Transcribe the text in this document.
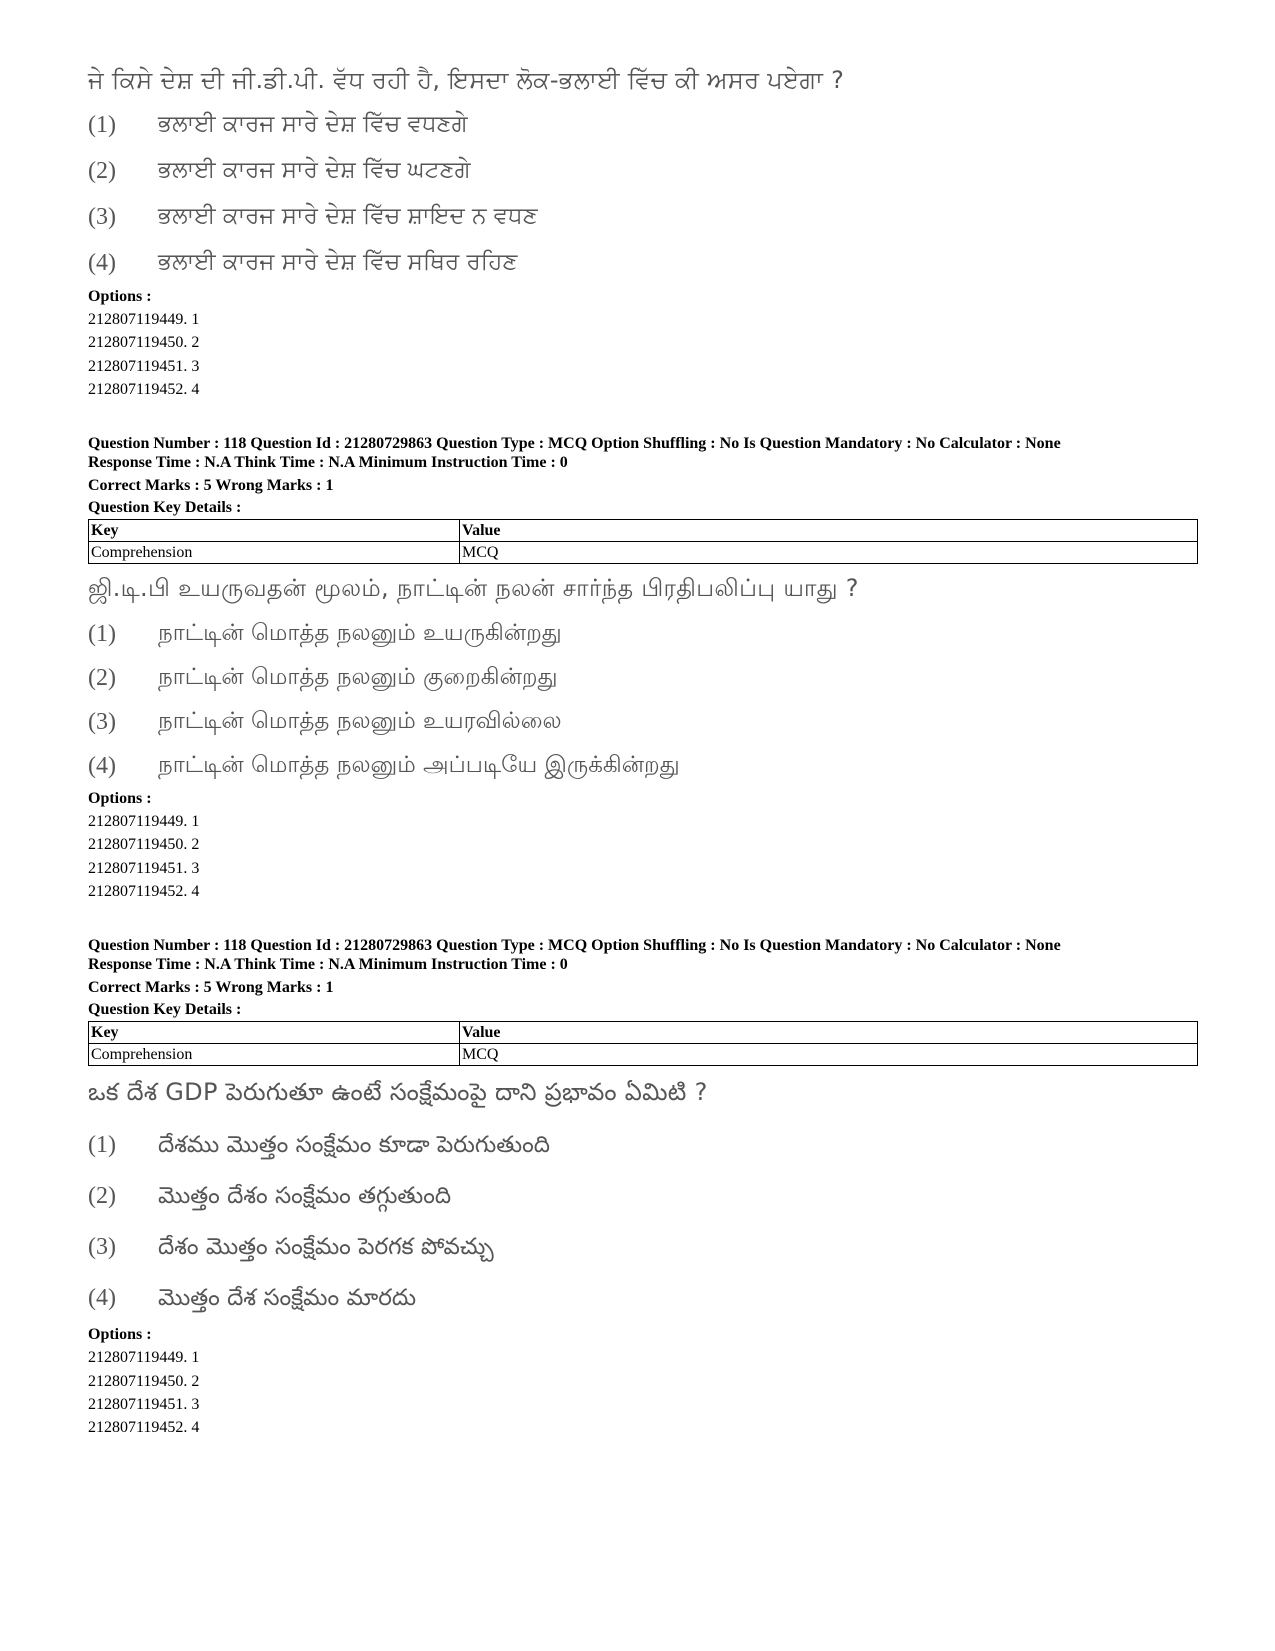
ਜੇ ਕਿਸੇ ਦੇਸ਼ ਦੀ ਜੀ.ਡੀ.ਪੀ. ਵੱਧ ਰਹੀ ਹੈ, ਇਸਦਾ ਲੋਕ-ਭਲਾਈ ਵਿੱਚ ਕੀ ਅਸਰ ਪਏਗਾ ?
(1)	ਭਲਾਈ ਕਾਰਜ ਸਾਰੇ ਦੇਸ਼ ਵਿੱਚ ਵਧਣਗੇ
(2)	ਭਲਾਈ ਕਾਰਜ ਸਾਰੇ ਦੇਸ਼ ਵਿੱਚ ਘਟਣਗੇ
(3)	ਭਲਾਈ ਕਾਰਜ ਸਾਰੇ ਦੇਸ਼ ਵਿੱਚ ਸ਼ਾਇਦ ਨ ਵਧਣ
(4)	ਭਲਾਈ ਕਾਰਜ ਸਾਰੇ ਦੇਸ਼ ਵਿੱਚ ਸਥਿਰ ਰਹਿਣ
Options :
212807119449. 1
212807119450. 2
212807119451. 3
212807119452. 4
Question Number : 118 Question Id : 21280729863 Question Type : MCQ Option Shuffling : No Is Question Mandatory : No Calculator : None
Response Time : N.A Think Time : N.A Minimum Instruction Time : 0
Correct Marks : 5 Wrong Marks : 1
Question Key Details :
Key	Value
Comprehension	MCQ
ஜி.டி.பி உயருவதன் மூலம், நாட்டின் நலன் சார்ந்த பிரதிபலிப்பு யாது ?
(1)	நாட்டின் மொத்த நலனும் உயருகின்றது
(2)	நாட்டின் மொத்த நலனும் குறைகின்றது
(3)	நாட்டின் மொத்த நலனும் உயரவில்லை
(4)	நாட்டின் மொத்த நலனும் அப்படியே இருக்கின்றது
Options :
212807119449. 1
212807119450. 2
212807119451. 3
212807119452. 4
Question Number : 118 Question Id : 21280729863 Question Type : MCQ Option Shuffling : No Is Question Mandatory : No Calculator : None
Response Time : N.A Think Time : N.A Minimum Instruction Time : 0
Correct Marks : 5 Wrong Marks : 1
Question Key Details :
Key	Value
Comprehension	MCQ
ఒక దేశ GDP పెరుగుతూ ఉంటే సంక్షేమంపై దాని ప్రభావం ఏమిటి ?
(1)	దేశము మొత్తం సంక్షేమం కూడా పెరుగుతుంది
(2)	మొత్తం దేశం సంక్షేమం తగ్గుతుంది
(3)	దేశం మొత్తం సంక్షేమం పెరగక పోవచ్చు
(4)	మొత్తం దేశ సంక్షేమం మారదు
Options :
212807119449. 1
212807119450. 2
212807119451. 3
212807119452. 4
